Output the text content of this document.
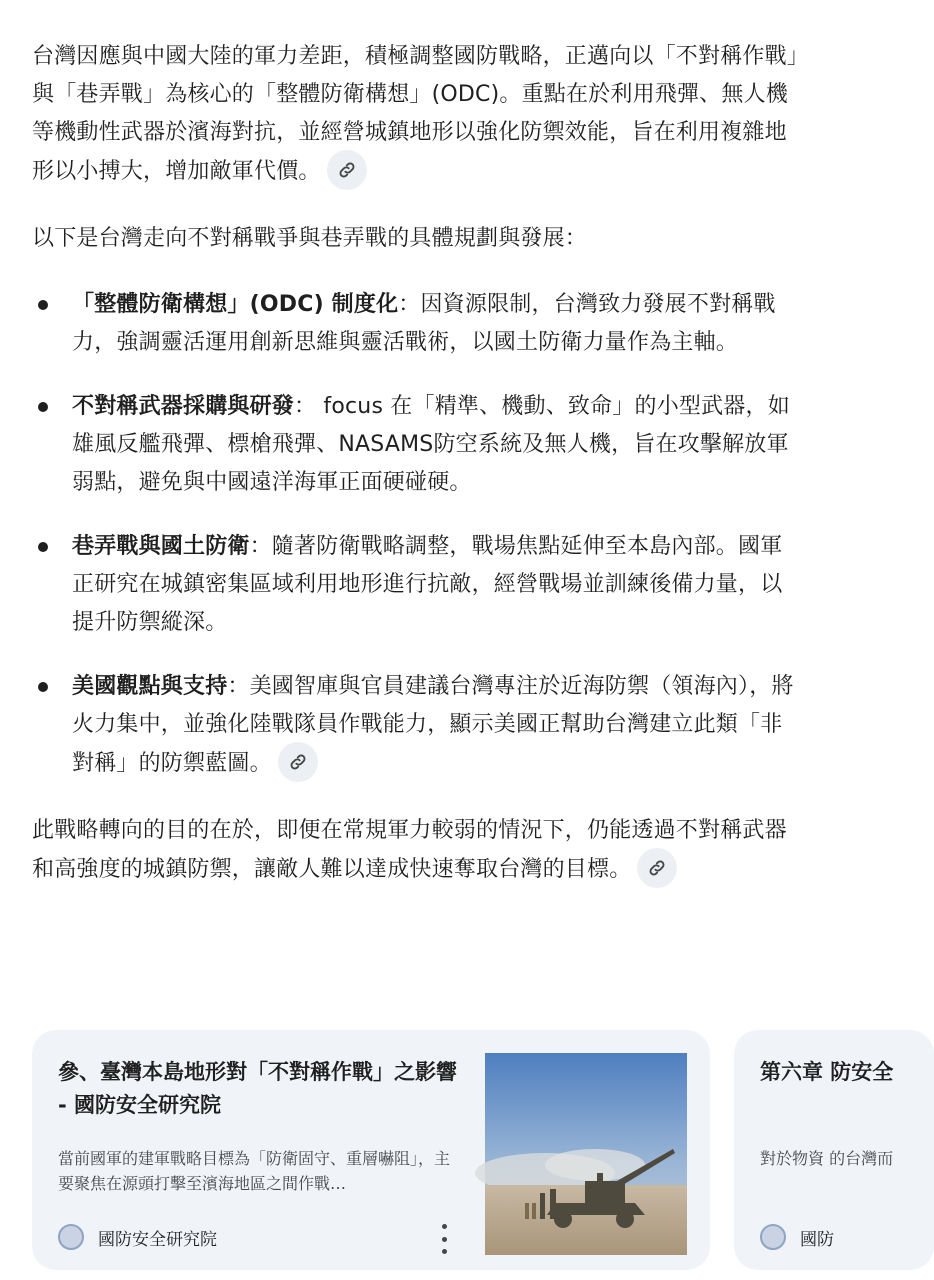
台灣因應與中國大陸的軍力差距，積極調整國防戰略，正邁向以「不對稱作戰」與「巷弄戰」為核心的「整體防衛構想」(ODC)。重點在於利用飛彈、無人機等機動性武器於濱海對抗，並經營城鎮地形以強化防禦效能，旨在利用複雜地形以小搏大，增加敵軍代價。

以下是台灣走向不對稱戰爭與巷弄戰的具體規劃與發展：

「整體防衛構想」(ODC) 制度化：因資源限制，台灣致力發展不對稱戰力，強調靈活運用創新思維與靈活戰術，以國土防衛力量作為主軸。
不對稱武器採購與研發： focus 在「精準、機動、致命」的小型武器，如雄風反艦飛彈、標槍飛彈、NASAMS防空系統及無人機，旨在攻擊解放軍弱點，避免與中國遠洋海軍正面硬碰硬。
巷弄戰與國土防衛：隨著防衛戰略調整，戰場焦點延伸至本島內部。國軍正研究在城鎮密集區域利用地形進行抗敵，經營戰場並訓練後備力量，以提升防禦縱深。
美國觀點與支持：美國智庫與官員建議台灣專注於近海防禦（領海內），將火力集中，並強化陸戰隊員作戰能力，顯示美國正幫助台灣建立此類「非對稱」的防禦藍圖。

此戰略轉向的目的在於，即便在常規軍力較弱的情況下，仍能透過不對稱武器和高強度的城鎮防禦，讓敵人難以達成快速奪取台灣的目標。

參、臺灣本島地形對「不對稱作戰」之影響 - 國防安全研究院

當前國軍的建軍戰略目標為「防衛固守、重層嚇阻」，主要聚焦在源頭打擊至濱海地區之間作戰…

國防安全研究院

第六章 防安全

對於物資 的台灣而

國防
